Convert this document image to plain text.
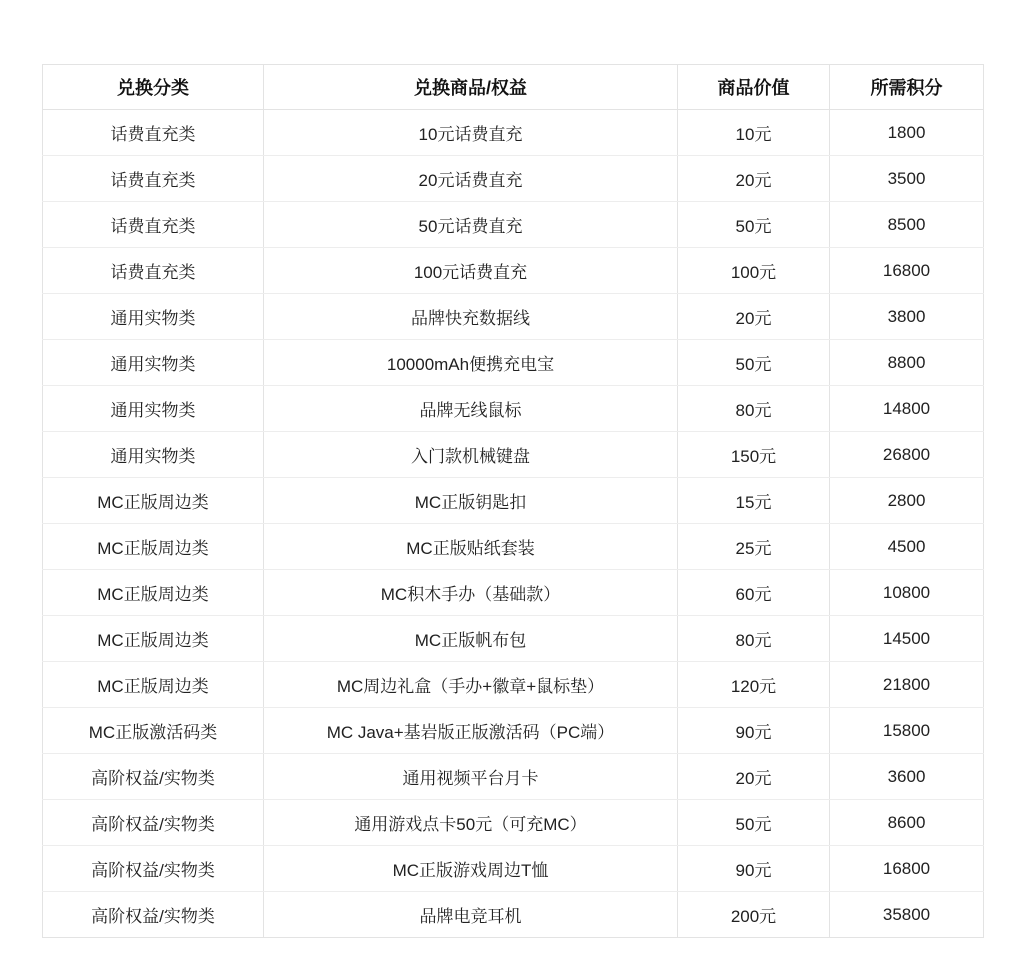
兑换分类	兑换商品/权益	商品价值	所需积分
话费直充类	10元话费直充	10元	1800
话费直充类	20元话费直充	20元	3500
话费直充类	50元话费直充	50元	8500
话费直充类	100元话费直充	100元	16800
通用实物类	品牌快充数据线	20元	3800
通用实物类	10000mAh便携充电宝	50元	8800
通用实物类	品牌无线鼠标	80元	14800
通用实物类	入门款机械键盘	150元	26800
MC正版周边类	MC正版钥匙扣	15元	2800
MC正版周边类	MC正版贴纸套装	25元	4500
MC正版周边类	MC积木手办（基础款）	60元	10800
MC正版周边类	MC正版帆布包	80元	14500
MC正版周边类	MC周边礼盒（手办+徽章+鼠标垫）	120元	21800
MC正版激活码类	MC Java+基岩版正版激活码（PC端）	90元	15800
高阶权益/实物类	通用视频平台月卡	20元	3600
高阶权益/实物类	通用游戏点卡50元（可充MC）	50元	8600
高阶权益/实物类	MC正版游戏周边T恤	90元	16800
高阶权益/实物类	品牌电竞耳机	200元	35800
